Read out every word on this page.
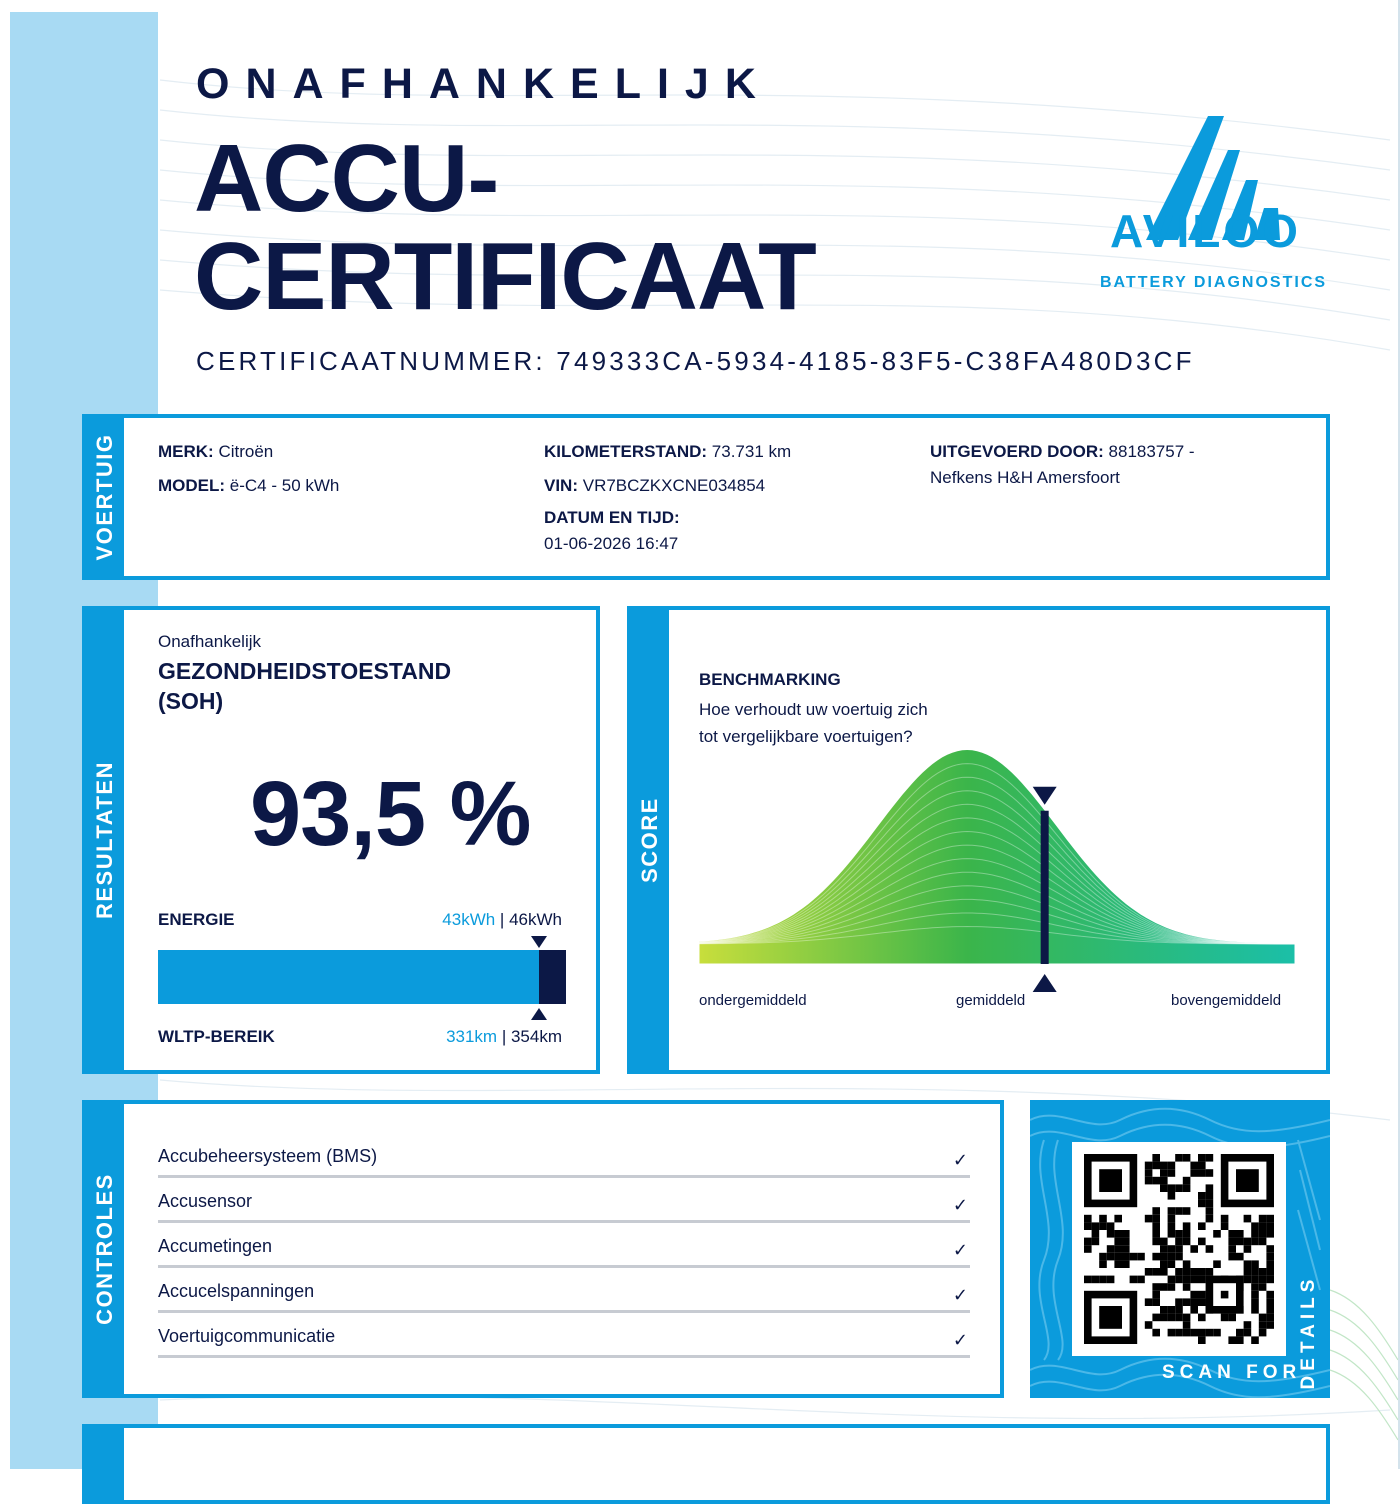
ONAFHANKELIJK
ACCU-
CERTIFICAAT
CERTIFICAATNUMMER: 749333CA-5934-4185-83F5-C38FA480D3CF
AVILOO
BATTERY DIAGNOSTICS
VOERTUIG MERK: Citroën
MODEL: ë-C4 - 50 kWh
KILOMETERSTAND: 73.731 km
VIN: VR7BCZKXCNE034854
DATUM EN TIJD:
01-06-2026 16:47
UITGEVOERD DOOR: 88183757 -
Nefkens H&H Amersfoort
RESULTATEN
Onafhankelijk
GEZONDHEIDSTOESTAND
(SOH)
93,5 %
ENERGIE	43kWh | 46kWh
WLTP-BEREIK	331km | 354km
SCORE
BENCHMARKING
Hoe verhoudt uw voertuig zich tot vergelijkbare voertuigen?
ondergemiddeld	gemiddeld	bovengemiddeld
CONTROLES
Accubeheersysteem (BMS)	✓
Accusensor	✓
Accumetingen	✓
Accucelspanningen	✓
Voertuigcommunicatie	✓
SCAN FOR
DETAILS
